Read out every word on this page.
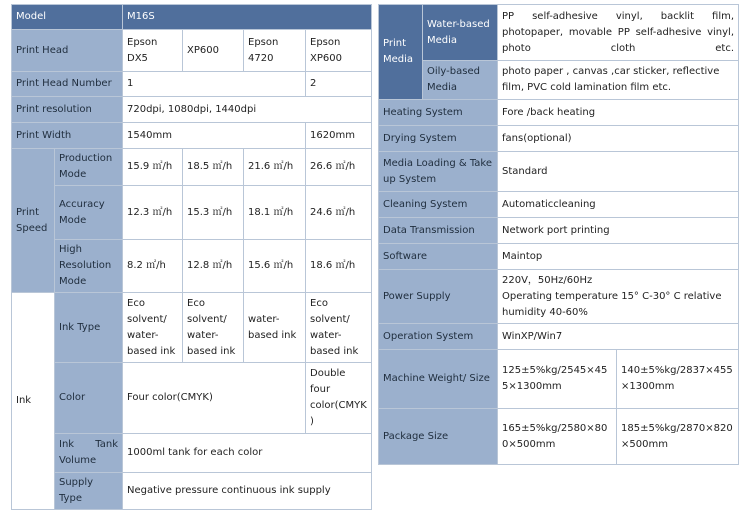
Model		M16S			
Print Head		Epson DX5	XP600	Epson 4720	Epson XP600
Print Head Number		1			2
Print resolution		720dpi, 1080dpi, 1440dpi			
Print Width		1540mm			1620mm
Print Speed	Production Mode	15.9 ㎡/h	18.5 ㎡/h	21.6 ㎡/h	26.6 ㎡/h
	Accuracy Mode	12.3 ㎡/h	15.3 ㎡/h	18.1 ㎡/h	24.6 ㎡/h
	High Resolution Mode	8.2 ㎡/h	12.8 ㎡/h	15.6 ㎡/h	18.6 ㎡/h
Ink	Ink Type	Eco solvent/ water-based ink	Eco solvent/ water-based ink	water-based ink	Eco solvent/ water-based ink
	Color	Four color(CMYK)			Double four color(CMYK)
	Ink Tank Volume	1000ml tank for each color			
	Supply Type	Negative pressure continuous ink supply			
Print Media	Water-based Media	PP self-adhesive vinyl, backlit film, photopaper, movable PP self-adhesive vinyl, photo cloth etc.	
	Oily-based Media	photo paper , canvas ,car sticker, reflective film, PVC cold lamination film etc.	
Heating System		Fore /back heating	
Drying System		fans(optional)	
Media Loading & Take up System		Standard	
Cleaning System		Automaticcleaning	
Data Transmission		Network port printing	
Software		Maintop	
Power Supply		220V，50Hz/60Hz
Operating temperature 15° C-30° C relative humidity 40-60%	

Operation System		WinXP/Win7	
Machine Weight/ Size		125±5%kg/2545×455×1300mm	140±5%kg/2837×455×1300mm
Package Size		165±5%kg/2580×800×500mm	185±5%kg/2870×820×500mm
